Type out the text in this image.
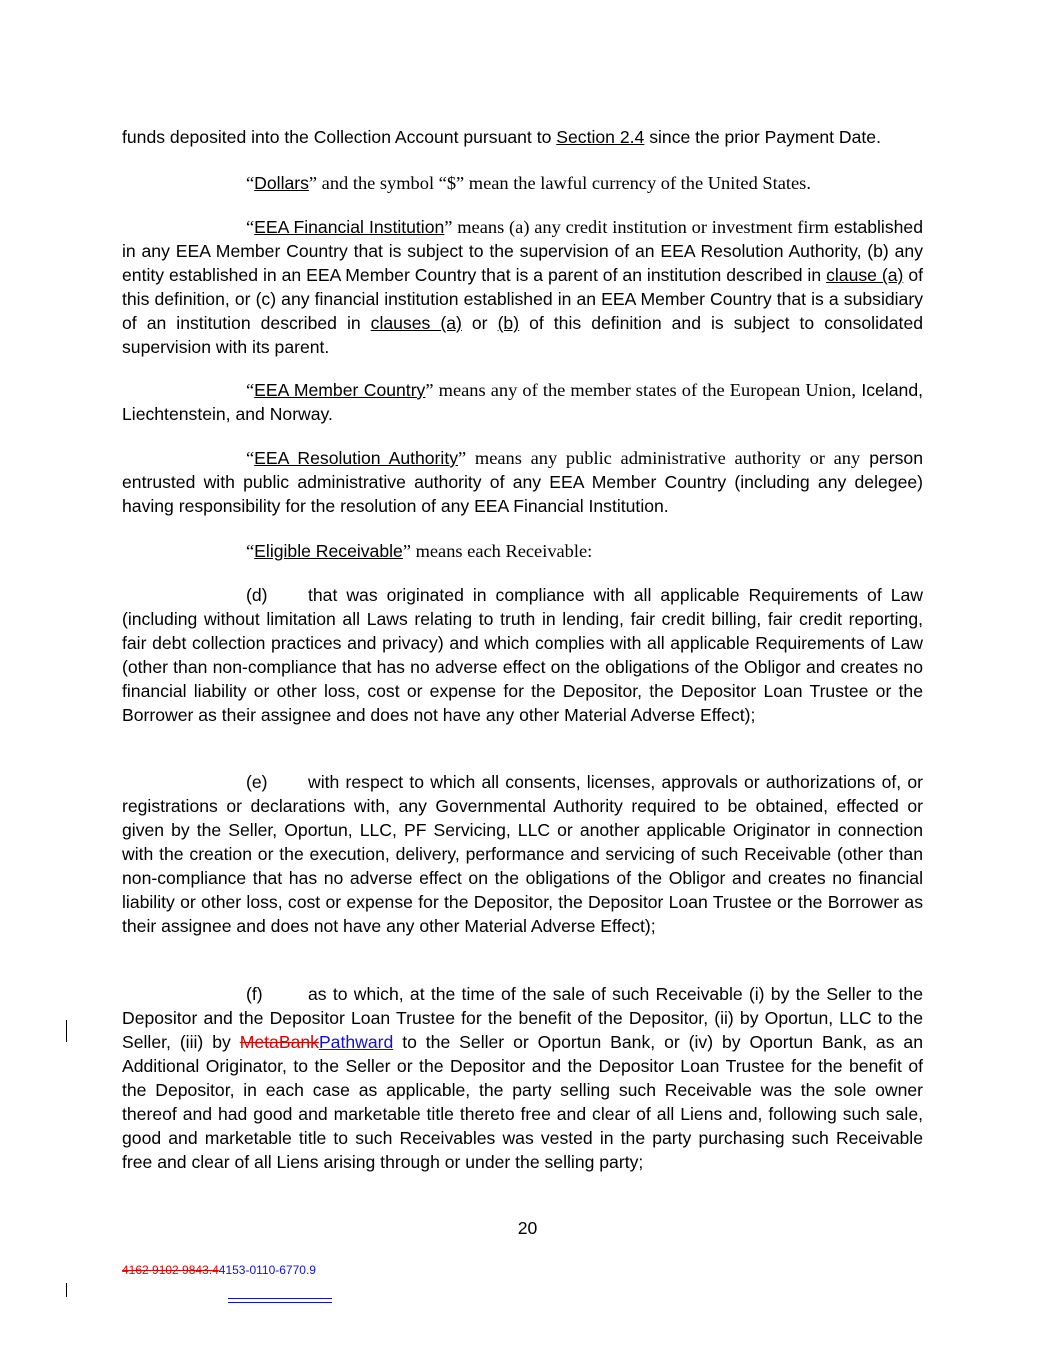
funds deposited into the Collection Account pursuant to Section 2.4 since the prior Payment Date.

“Dollars” and the symbol “$” mean the lawful currency of the United States.

“EEA Financial Institution” means (a) any credit institution or investment firm established in any EEA Member Country that is subject to the supervision of an EEA Resolution Authority, (b) any entity established in an EEA Member Country that is a parent of an institution described in clause (a) of this definition, or (c) any financial institution established in an EEA Member Country that is a subsidiary of an institution described in clauses (a) or (b) of this definition and is subject to consolidated supervision with its parent.

“EEA Member Country” means any of the member states of the European Union, Iceland, Liechtenstein, and Norway.

“EEA Resolution Authority” means any public administrative authority or any person entrusted with public administrative authority of any EEA Member Country (including any delegee) having responsibility for the resolution of any EEA Financial Institution.

“Eligible Receivable” means each Receivable:

(d) that was originated in compliance with all applicable Requirements of Law (including without limitation all Laws relating to truth in lending, fair credit billing, fair credit reporting, fair debt collection practices and privacy) and which complies with all applicable Requirements of Law (other than non-compliance that has no adverse effect on the obligations of the Obligor and creates no financial liability or other loss, cost or expense for the Depositor, the Depositor Loan Trustee or the Borrower as their assignee and does not have any other Material Adverse Effect);

(e) with respect to which all consents, licenses, approvals or authorizations of, or registrations or declarations with, any Governmental Authority required to be obtained, effected or given by the Seller, Oportun, LLC, PF Servicing, LLC or another applicable Originator in connection with the creation or the execution, delivery, performance and servicing of such Receivable (other than non-compliance that has no adverse effect on the obligations of the Obligor and creates no financial liability or other loss, cost or expense for the Depositor, the Depositor Loan Trustee or the Borrower as their assignee and does not have any other Material Adverse Effect);

(f)	as to which, at the time of the sale of such Receivable (i) by the Seller to the Depositor and the Depositor Loan Trustee for the benefit of the Depositor, (ii) by Oportun, LLC to the Seller, (iii) by MetaBankPathward to the Seller or Oportun Bank, or (iv) by Oportun Bank, as an Additional Originator, to the Seller or the Depositor and the Depositor Loan Trustee for the benefit of the Depositor, in each case as applicable, the party selling such Receivable was the sole owner thereof and had good and marketable title thereto free and clear of all Liens and, following such sale, good and marketable title to such Receivables was vested in the party purchasing such Receivable free and clear of all Liens arising through or under the selling party;

20
4162 9102 9843.44153-0110-6770.9
